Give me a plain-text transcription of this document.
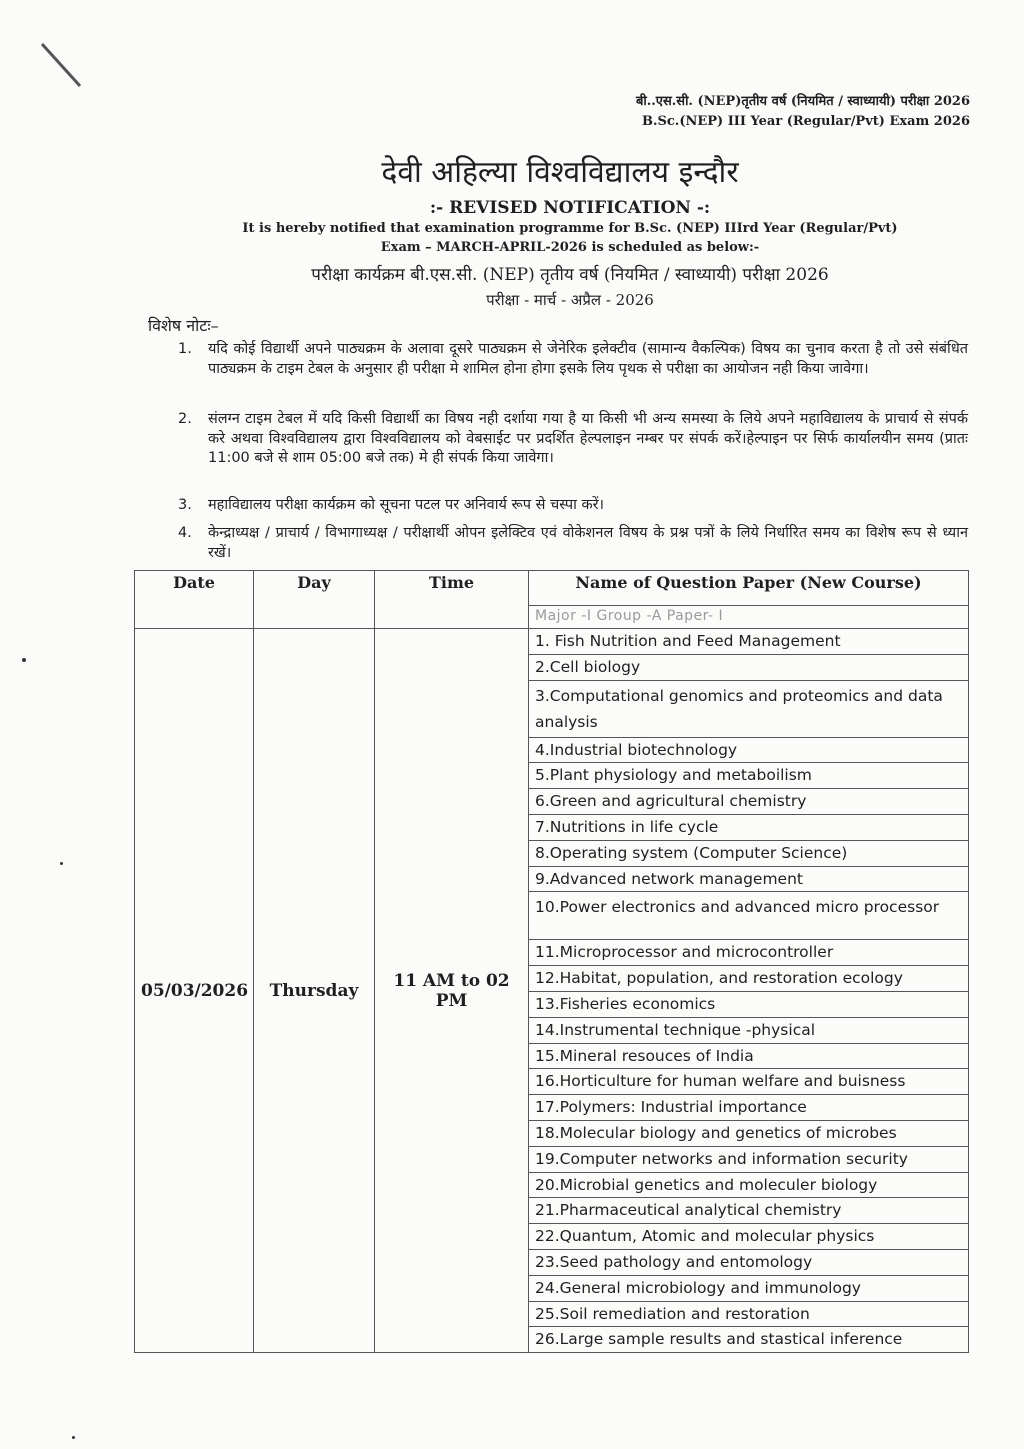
बी..एस.सी. (NEP)तृतीय वर्ष (नियमित / स्वाध्यायी) परीक्षा 2026
B.Sc.(NEP) III Year (Regular/Pvt) Exam 2026
देवी अहिल्या विश्वविद्यालय इन्दौर
:- REVISED NOTIFICATION -:
It is hereby notified that examination programme for B.Sc. (NEP) IIIrd Year (Regular/Pvt)
Exam – MARCH-APRIL-2026 is scheduled as below:-
परीक्षा कार्यक्रम बी.एस.सी. (NEP) तृतीय वर्ष (नियमित / स्वाध्यायी) परीक्षा 2026
परीक्षा - मार्च - अप्रैल - 2026
विशेष नोटः–
1.	यदि कोई विद्यार्थी अपने पाठ्यक्रम के अलावा दूसरे पाठ्यक्रम से जेनेरिक इलेक्टीव (सामान्य वैकल्पिक) विषय का चुनाव करता है तो उसे संबंधित पाठ्यक्रम के टाइम टेबल के अनुसार ही परीक्षा मे शामिल होना होगा इसके लिय पृथक से परीक्षा का आयोजन नही किया जावेगा।
2.	संलग्न टाइम टेबल में यदि किसी विद्यार्थी का विषय नही दर्शाया गया है या किसी भी अन्य समस्या के लिये अपने महाविद्यालय के प्राचार्य से संपर्क करे अथवा विश्वविद्यालय द्वारा विश्वविद्यालय को वेबसाईट पर प्रदर्शित हेल्पलाइन नम्बर पर संपर्क करें।हेल्पाइन पर सिर्फ कार्यालयीन समय (प्रातः 11:00 बजे से शाम 05:00 बजे तक) मे ही संपर्क किया जावेगा।
3.	महाविद्यालय परीक्षा कार्यक्रम को सूचना पटल पर अनिवार्य रूप से चस्पा करें।
4.	केन्द्राध्यक्ष / प्राचार्य / विभागाध्यक्ष / परीक्षार्थी ओपन इलेक्टिव एवं वोकेशनल विषय के प्रश्न पत्रों के लिये निर्धारित समय का विशेष रूप से ध्यान रखें।
Date	Day	Time	Name of Question Paper (New Course)
			Major -I Group -A Paper- I
05/03/2026	Thursday	11 AM to 02 PM	1. Fish Nutrition and Feed Management
			2.Cell biology
			3.Computational genomics and proteomics and data analysis
			4.Industrial biotechnology
			5.Plant physiology and metaboilism
			6.Green and agricultural chemistry
			7.Nutritions in life cycle
			8.Operating system (Computer Science)
			9.Advanced network management
			10.Power electronics and advanced micro processor
			11.Microprocessor and microcontroller
			12.Habitat, population, and restoration ecology
			13.Fisheries economics
			14.Instrumental technique -physical
			15.Mineral resouces of India
			16.Horticulture for human welfare and buisness
			17.Polymers: Industrial importance
			18.Molecular biology and genetics of microbes
			19.Computer networks and information security
			20.Microbial genetics and moleculer biology
			21.Pharmaceutical analytical chemistry
			22.Quantum, Atomic and molecular physics
			23.Seed pathology and entomology
			24.General microbiology and immunology
			25.Soil remediation and restoration
			26.Large sample results and stastical inference
